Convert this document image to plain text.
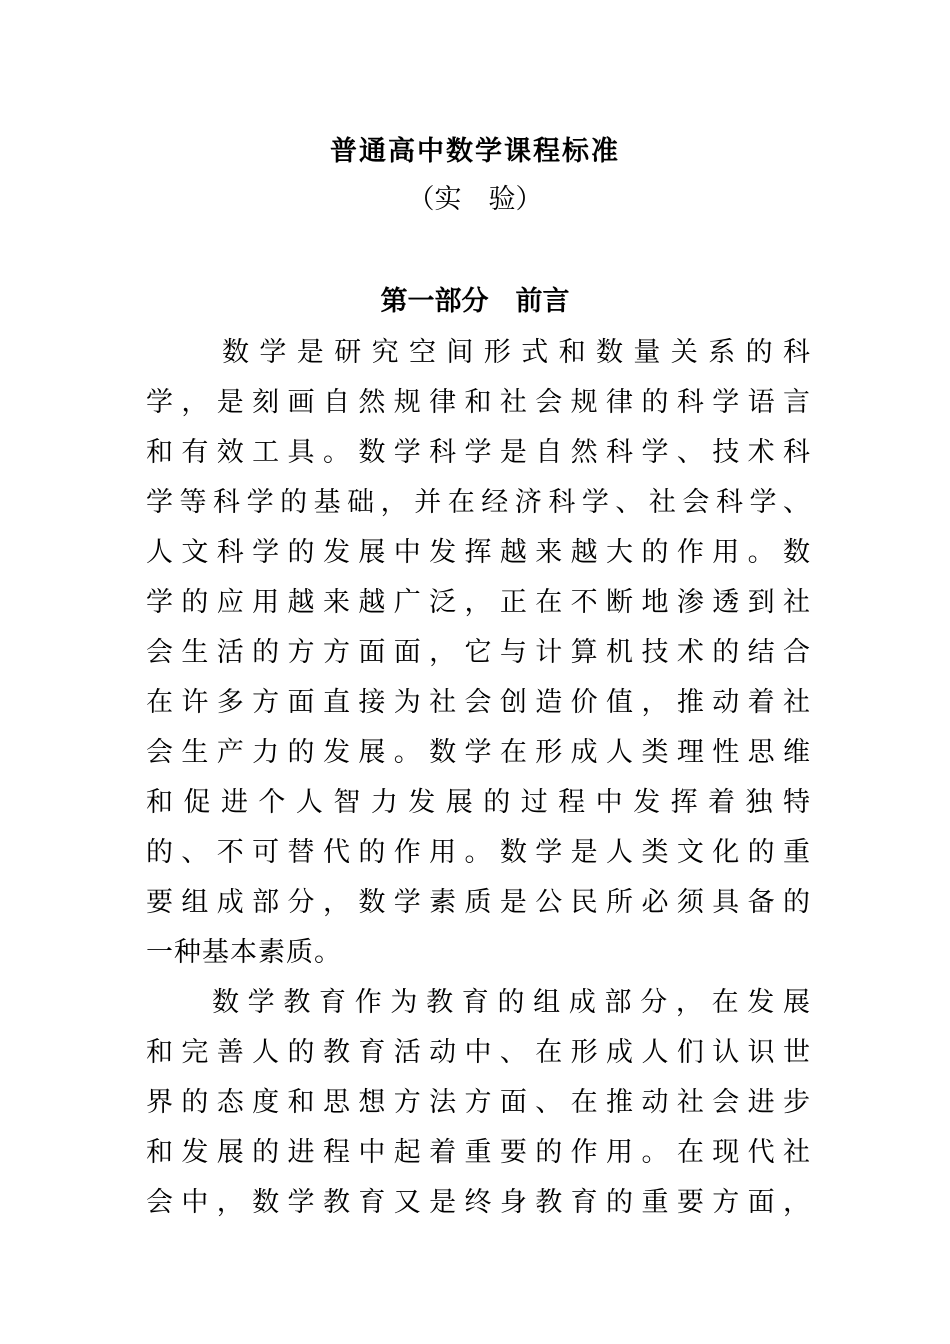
普通高中数学课程标准
（实　验）
第一部分　前言
数学是研究空间形式和数量关系的科
学，是刻画自然规律和社会规律的科学语言
和有效工具。数学科学是自然科学、技术科
学等科学的基础，并在经济科学、社会科学、
人文科学的发展中发挥越来越大的作用。数
学的应用越来越广泛，正在不断地渗透到社
会生活的方方面面，它与计算机技术的结合
在许多方面直接为社会创造价值，推动着社
会生产力的发展。数学在形成人类理性思维
和促进个人智力发展的过程中发挥着独特
的、不可替代的作用。数学是人类文化的重
要组成部分，数学素质是公民所必须具备的
一种基本素质。
数学教育作为教育的组成部分，在发展
和完善人的教育活动中、在形成人们认识世
界的态度和思想方法方面、在推动社会进步
和发展的进程中起着重要的作用。在现代社
会中，数学教育又是终身教育的重要方面，
